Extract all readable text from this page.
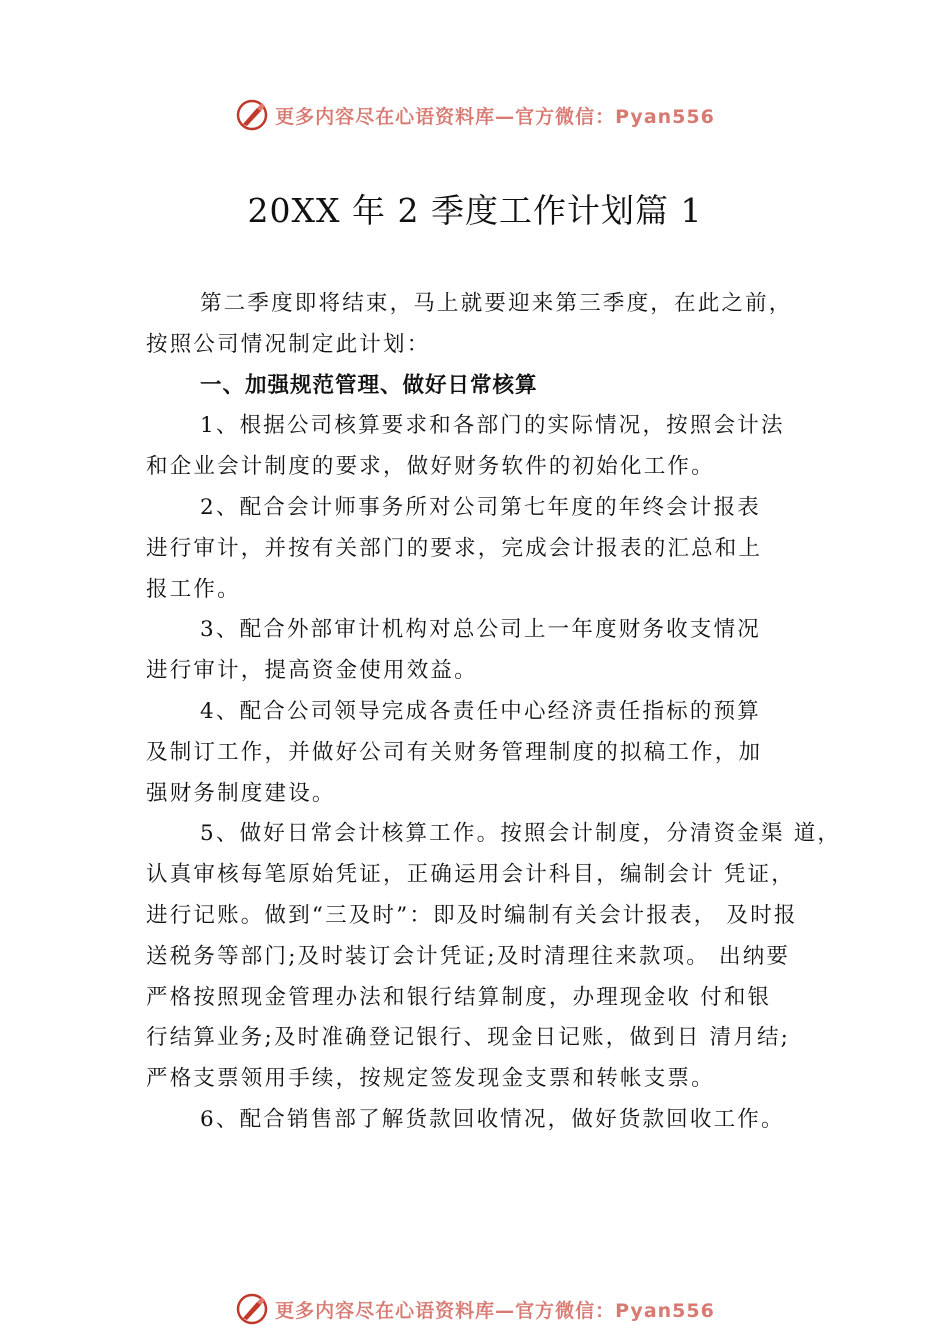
更多内容尽在心语资料库—官方微信：Pyan556
20XX 年 2 季度工作计划篇 1

第二季度即将结束，马上就要迎来第三季度，在此之前，
按照公司情况制定此计划：

一、加强规范管理、做好日常核算

1、根据公司核算要求和各部门的实际情况，按照会计法
和企业会计制度的要求，做好财务软件的初始化工作。

2、配合会计师事务所对公司第七年度的年终会计报表
进行审计，并按有关部门的要求，完成会计报表的汇总和上
报工作。

3、配合外部审计机构对总公司上一年度财务收支情况
进行审计，提高资金使用效益。

4、配合公司领导完成各责任中心经济责任指标的预算
及制订工作，并做好公司有关财务管理制度的拟稿工作，加
强财务制度建设。

5、做好日常会计核算工作。按照会计制度，分清资金渠 道，
认真审核每笔原始凭证，正确运用会计科目，编制会计 凭证，
进行记账。做到“三及时”：即及时编制有关会计报表， 及时报
送税务等部门;及时装订会计凭证;及时清理往来款项。 出纳要
严格按照现金管理办法和银行结算制度，办理现金收 付和银
行结算业务;及时准确登记银行、现金日记账，做到日 清月结;
严格支票领用手续，按规定签发现金支票和转帐支票。

6、配合销售部了解货款回收情况，做好货款回收工作。

更多内容尽在心语资料库—官方微信：Pyan556
